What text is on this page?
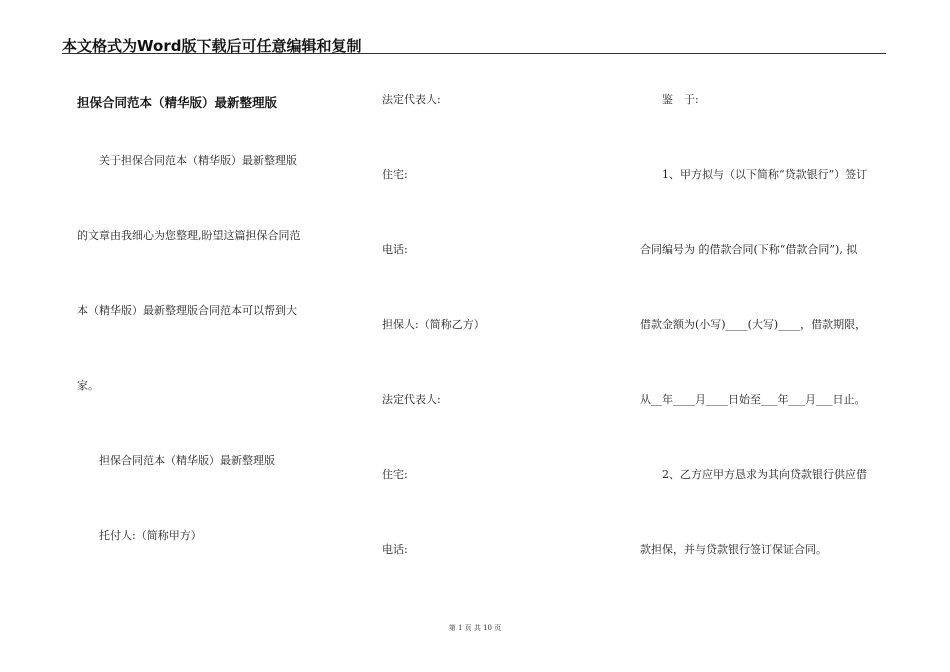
本文格式为Word版下载后可任意编辑和复制
担保合同范本（精华版）最新整理版
关于担保合同范本（精华版）最新整理版
的文章由我细心为您整理,盼望这篇担保合同范
本（精华版）最新整理版合同范本可以帮到大
家。
担保合同范本（精华版）最新整理版
托付人:（简称甲方）
法定代表人:
住宅:
电话:
担保人:（简称乙方）
法定代表人:
住宅:
电话:
鉴　于:
1、甲方拟与（以下简称“贷款银行”）签订
合同编号为 的借款合同(下称“借款合同”), 拟
借款金额为(小写)____(大写)____，借款期限，
从__年____月____日始至___年___月___日止。
2、乙方应甲方恳求为其向贷款银行供应借
款担保，并与贷款银行签订保证合同。
第 1 页 共 10 页
